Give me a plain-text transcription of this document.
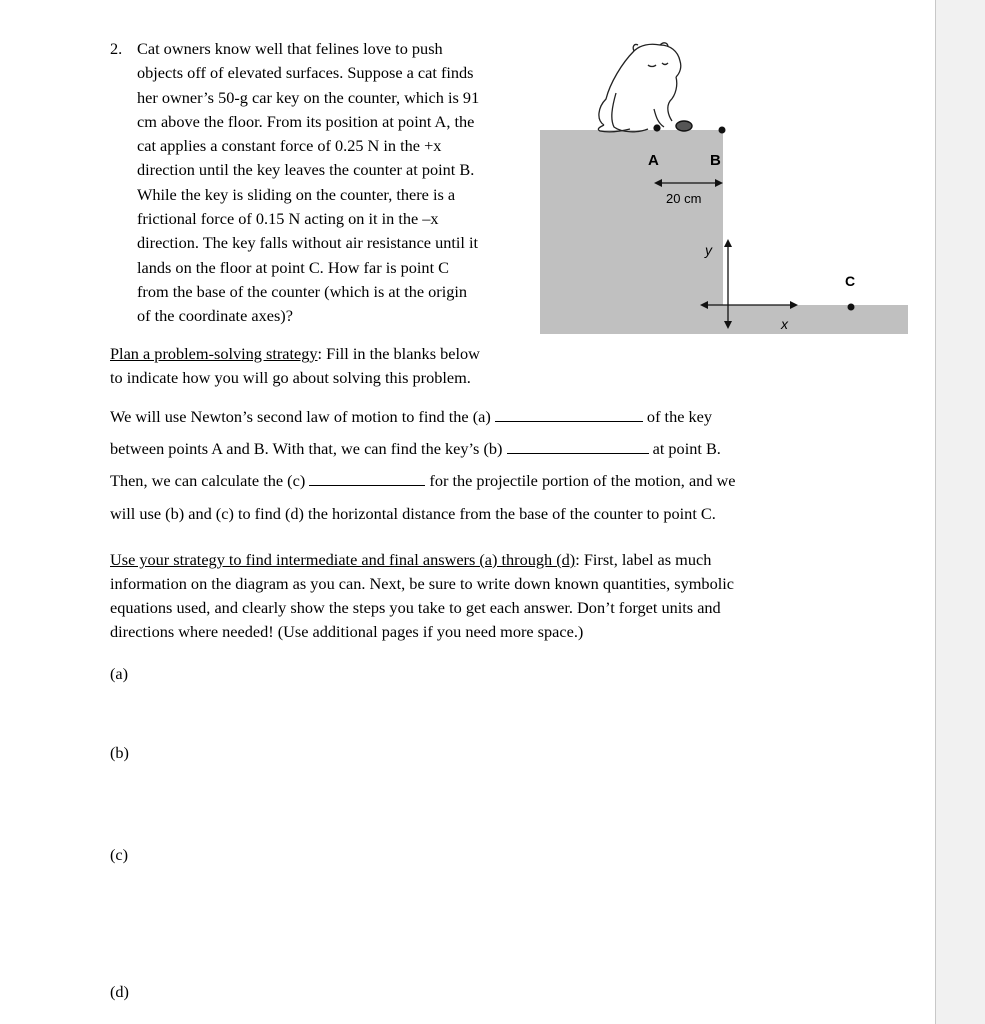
2. Cat owners know well that felines love to push
objects off of elevated surfaces. Suppose a cat finds
her owner’s 50-g car key on the counter, which is 91
cm above the floor. From its position at point A, the
cat applies a constant force of 0.25 N in the +x
direction until the key leaves the counter at point B.
While the key is sliding on the counter, there is a
frictional force of 0.15 N acting on it in the –x
direction. The key falls without air resistance until it
lands on the floor at point C. How far is point C
from the base of the counter (which is at the origin
of the coordinate axes)?
A	B
C
20 cm
y
x
Plan a problem-solving strategy: Fill in the blanks below
to indicate how you will go about solving this problem.
We will use Newton’s second law of motion to find the (a)	of the key
between points A and B. With that, we can find the key’s (b)	at point B.
Then, we can calculate the (c)	for the projectile portion of the motion, and we
will use (b) and (c) to find (d) the horizontal distance from the base of the counter to point C.
Use your strategy to find intermediate and final answers (a) through (d): First, label as much
information on the diagram as you can. Next, be sure to write down known quantities, symbolic
equations used, and clearly show the steps you take to get each answer. Don’t forget units and
directions where needed! (Use additional pages if you need more space.)
(a)
(b)
(c)
(d)
